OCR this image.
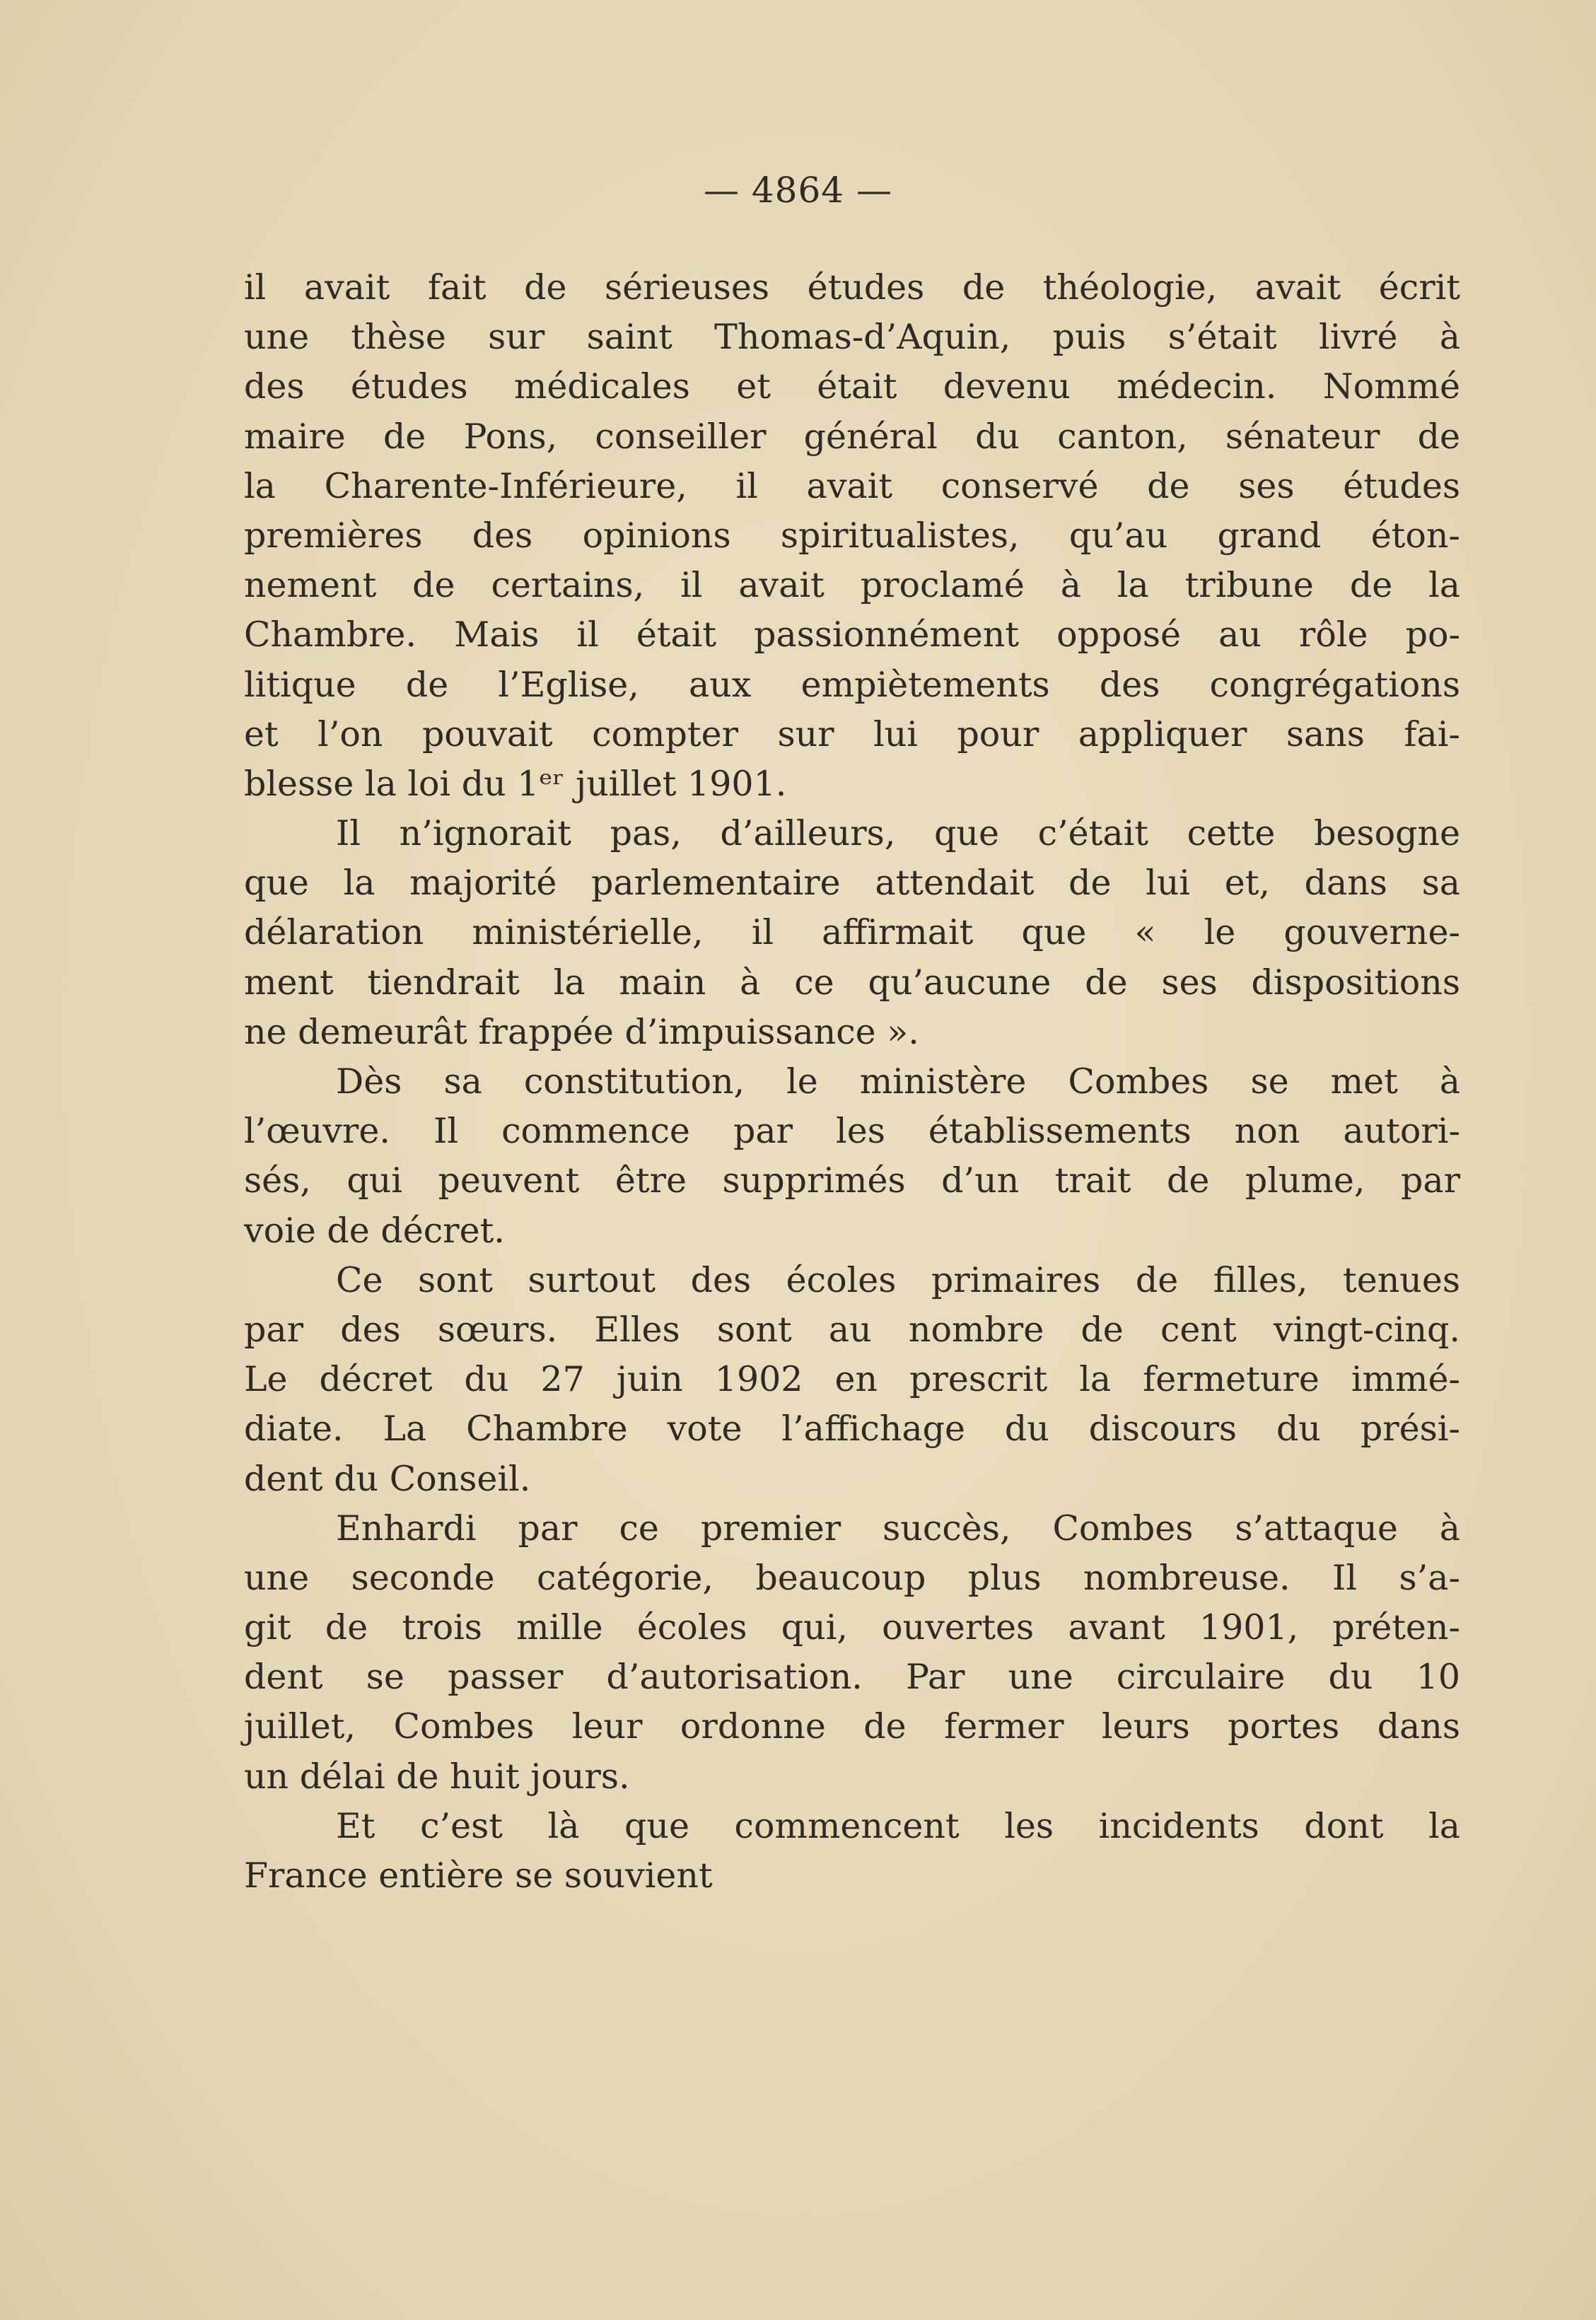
— 4864 —
il avait fait de sérieuses études de théologie, avait écrit
une thèse sur saint Thomas-d’Aquin, puis s’était livré à
des études médicales et était devenu médecin. Nommé
maire de Pons, conseiller général du canton, sénateur de
la Charente-Inférieure, il avait conservé de ses études
premières des opinions spiritualistes, qu’au grand éton-
nement de certains, il avait proclamé à la tribune de la
Chambre. Mais il était passionnément opposé au rôle po-
litique de l’Eglise, aux empiètements des congrégations
et l’on pouvait compter sur lui pour appliquer sans fai-
blesse la loi du 1ᵉʳ juillet 1901.
Il n’ignorait pas, d’ailleurs, que c’était cette besogne
que la majorité parlementaire attendait de lui et, dans sa
délaration ministérielle, il affirmait que « le gouverne-
ment tiendrait la main à ce qu’aucune de ses dispositions
ne demeurât frappée d’impuissance ».
Dès sa constitution, le ministère Combes se met à
l’œuvre. Il commence par les établissements non autori-
sés, qui peuvent être supprimés d’un trait de plume, par
voie de décret.
Ce sont surtout des écoles primaires de filles, tenues
par des sœurs. Elles sont au nombre de cent vingt-cinq.
Le décret du 27 juin 1902 en prescrit la fermeture immé-
diate. La Chambre vote l’affichage du discours du prési-
dent du Conseil.
Enhardi par ce premier succès, Combes s’attaque à
une seconde catégorie, beaucoup plus nombreuse. Il s’a-
git de trois mille écoles qui, ouvertes avant 1901, préten-
dent se passer d’autorisation. Par une circulaire du 10
juillet, Combes leur ordonne de fermer leurs portes dans
un délai de huit jours.
Et c’est là que commencent les incidents dont la
France entière se souvient
